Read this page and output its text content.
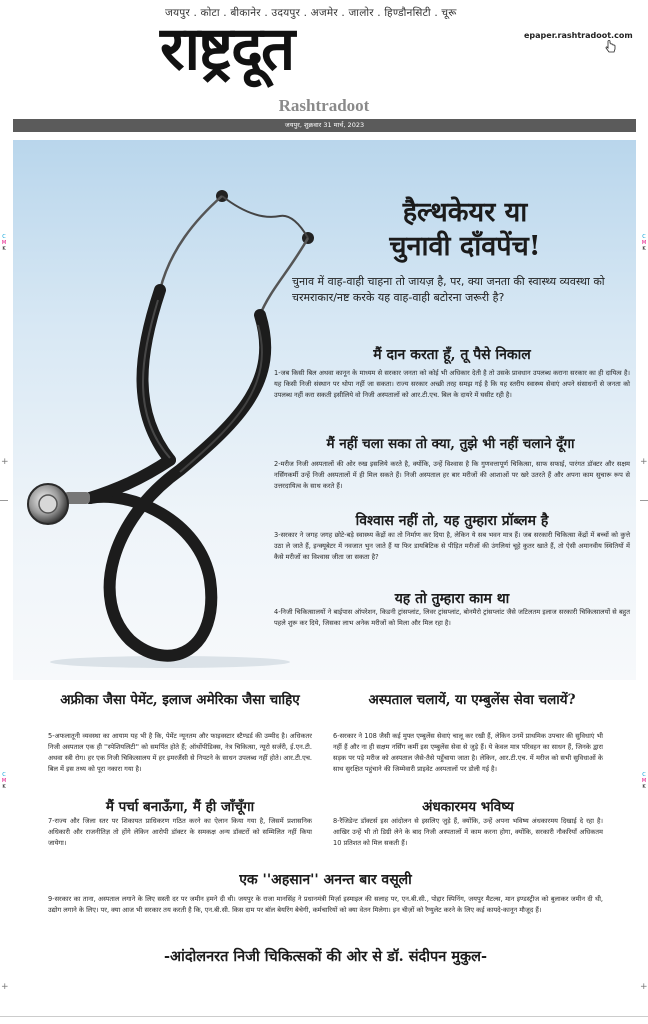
जयपुर . कोटा . बीकानेर . उदयपुर . अजमेर . जालोर . हिण्डौनसिटी . चूरू
राष्ट्रदूत
Rashtradoot
epaper.rashtradoot.com
जयपुर, शुक्रवार 31 मार्च, 2023
हैल्थकेयर या
चुनावी दाँवपेंच!
चुनाव में वाह-वाही चाहना तो जायज़ है, पर, क्या जनता की स्वास्थ्य व्यवस्था को चरमराकार/नष्ट करके यह वाह-वाही बटोरना जरूरी है?
मैं दान करता हूँ, तू पैसे निकाल
1-जब किसी बिल अथवा कानून के माध्यम से सरकार जनता को कोई भी अधिकार देती है तो उसके प्रावधान उपलब्ध कराना सरकार का ही दायित्व है। यह किसी निजी संस्थान पर थोपा नहीं जा सकता। राज्य सरकार अच्छी तरह समझ गई है कि यह स्तरीय स्वास्थ्य सेवाएं अपने संसाधनों से जनता को उपलब्ध नहीं करा सकती इसीलिये वो निजी अस्पतालों को आर.टी.एच. बिल के दायरे में घसीट रही है।
मैं नहीं चला सका तो क्या, तुझे भी नहीं चलाने दूँगा
2-मरीज निजी अस्पतालों की ओर रुख इसलिये करते है, क्योंकि, उन्हें विश्वास है कि गुणवत्तापूर्ण चिकित्सा, साफ सफाई, पारंगत डॉक्टर और सक्षम नर्सिंगकर्मी उन्हें निजी अस्पतालों में ही मिल सकते हैं। निजी अस्पताल हर बार मरीजों की आशाओं पर खरे उतरते हैं और अपना काम सुचारू रूप से उत्तरदायित्व के साथ करते हैं।
विश्वास नहीं तो, यह तुम्हारा प्रॉब्लम है
3-सरकार ने जगह जगह छोटे-बड़े स्वास्थ्य केंद्रों का तो निर्माण कर दिया है, लेकिन ये सब भवन मात्र हैं। जब सरकारी चिकित्सा केंद्रों में बच्चों को कुत्ते उठा ले जाते हैं, इन्क्यूबेटर में नवजात भुन जाते हैं या फिर डायबिटिक से पीड़ित मरीजों की उंगलियां चूहे कुतर खाते हैं, तो ऐसी अमानवीय स्थितियों में कैसे मरीजों का विश्वास जीता जा सकता है?
यह तो तुम्हारा काम था
4-निजी चिकित्सालयों ने बाईपास ऑपरेशन, किडनी ट्रांसप्लांट, लिवर ट्रांसप्लांट, बोनमैरो ट्रांसप्लांट जैसे जटिलतम इलाज सरकारी चिकित्सालयों से बहुत पहले शुरू कर दिये, जिसका लाभ अनेक मरीजों को मिला और मिल रहा है।
अफ्रीका जैसा पेमेंट, इलाज अमेरिका जैसा चाहिए
5-अफलातूनी व्यवस्था का आयाम यह भी है कि, पेमेंट न्यूनतम और फाइवस्टार स्टैण्डर्ड की उम्मीद है। अधिकतर निजी अस्पताल एक ही ''स्पेशियलिटी'' को समर्पित होते हैं; ऑर्थोपीडिक्स, नेत्र चिकित्सा, न्यूरो सर्जरी, ई.एन.टी. अथवा स्त्री रोग। हर एक निजी चिकित्सालय में हर इमरजैंसी से निपटने के साधन उपलब्ध नहीं होते। आर.टी.एच. बिल में इस तथ्य को पूरा नकारा गया है।
अस्पताल चलायें, या एम्बुलेंस सेवा चलायें?
6-सरकार ने 108 जैसी कई मुफ्त एम्बुलेंस सेवाएं चालू कर रखी हैं, लेकिन उनमें प्राथमिक उपचार की सुविधाएं भी नहीं हैं और ना ही सक्षम नर्सिंग कर्मी इस एम्बुलेंस सेवा से जुड़े हैं। ये केवल मात्र परिवहन का साधन हैं, जिनके द्वारा सड़क पर पड़े मरीज को अस्पताल जैसे-तैसे पहुँचाया जाता है। लेकिन, आर.टी.एच. में मरीज को सभी सुविधाओं के साथ सुरक्षित पहुंचाने की जिम्मेवारी प्राइवेट अस्पतालों पर डोली गई है।
मैं पर्चा बनाऊँगा, मैं ही जाँचूँगा
7-राज्य और जिला स्तर पर शिकायत प्राधिकरण गठित करने का ऐलान किया गया है, जिसमें प्रशासनिक अधिकारी और राजनीतिज्ञ तो होंगे लेकिन आरोपी डॉक्टर के समकक्ष अन्य डॉक्टरों को सम्मिलित नहीं किया जायेगा।
अंधकारमय भविष्य
8-रैजिडेन्ट डॉक्टर्स इस आंदोलन से इसलिए जुड़े हैं, क्योंकि, उन्हें अपना भविष्य अंधकारमय दिखाई दे रहा है। आखिर उन्हें भी तो डिग्री लेने के बाद निजी अस्पतालों में काम करना होगा, क्योंकि, सरकारी नौकरियाँ अधिकतम 10 प्रतिशत को मिल सकती हैं।
एक ''अहसान'' अनन्त बार वसूली
9-सरकार का ताना, अस्पताल लगाने के लिए सस्ती दर पर जमीन हमने दी थी। जयपुर के राजा मानसिंह ने प्रधानमंत्री मिर्ज़ा इस्माइल की सलाह पर, एन.बी.सी., पोद्दार स्पिनिंग, जयपुर मैटल्स, मान इण्डस्ट्रीज को बुलाकर जमीन दी थी, उद्योग लगाने के लिए। पर, क्या आज भी सरकार तय करती है कि, एन.बी.सी. किस दाम पर बॉल बेयरिंग बेचेगी, कर्मचारियों को क्या वेतन मिलेगा। इन चीज़ों को रैग्युलेट करने के लिए कई कायदे-कानून मौजूद हैं।
-आंदोलनरत निजी चिकित्सकों की ओर से डॉ. संदीपन मुकुल-
C
M
K
C
M
K
C
M
K
C
M
K
+	+
+	+
